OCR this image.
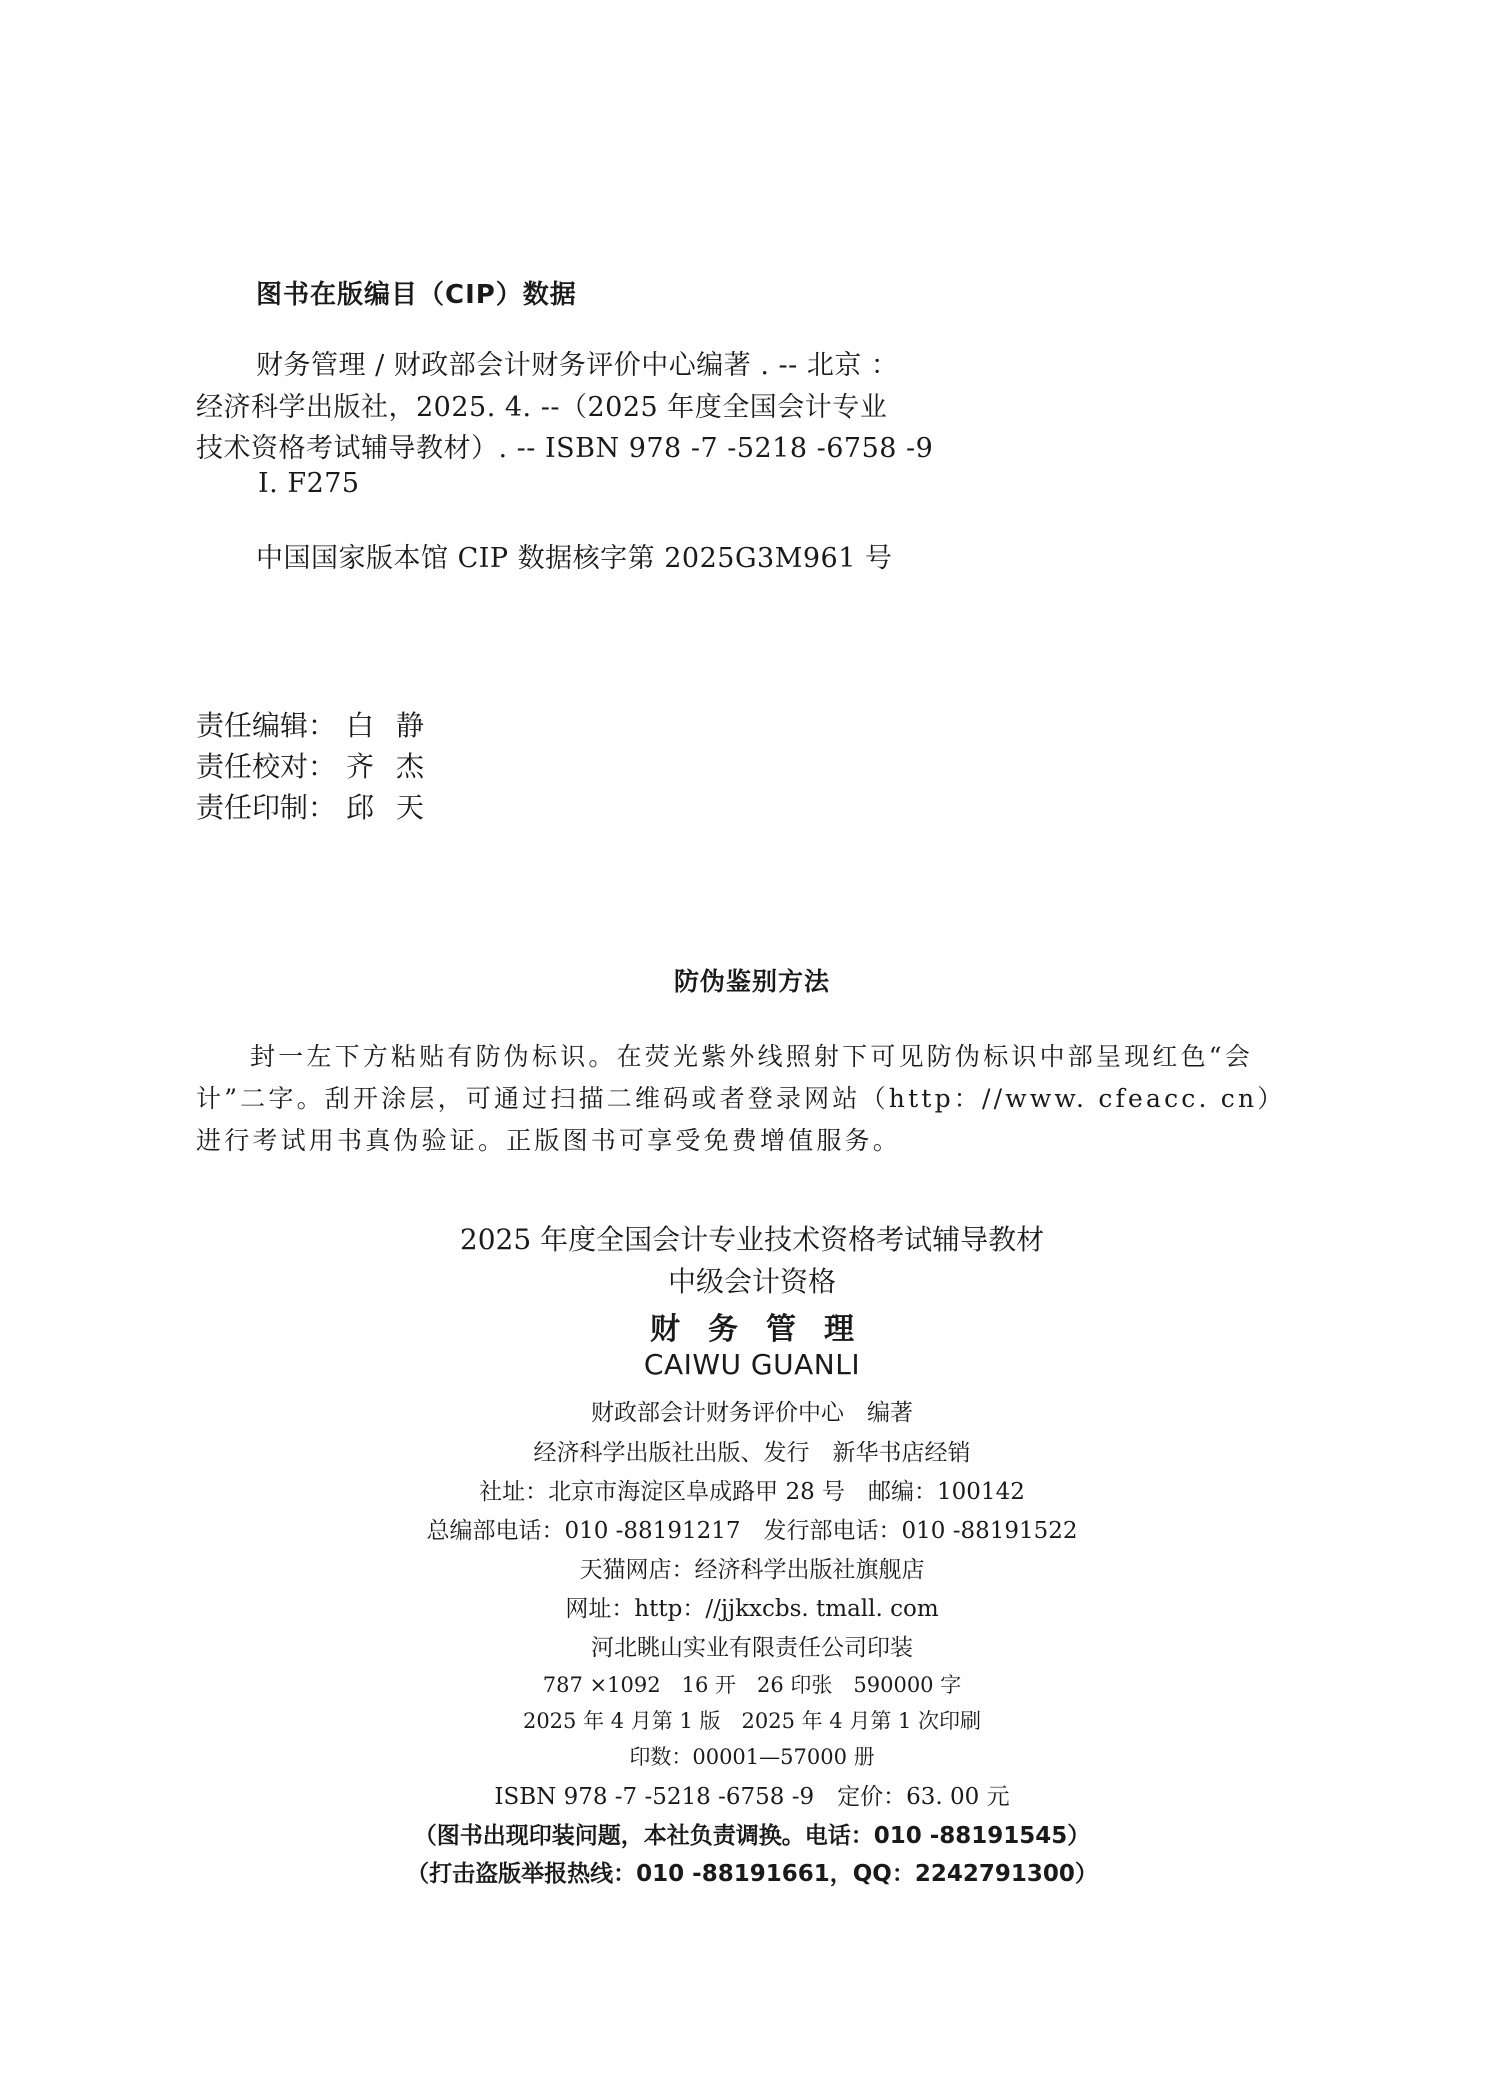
图书在版编目（CIP）数据
财务管理 / 财政部会计财务评价中心编著 . -- 北京 ：
经济科学出版社，2025. 4. --（2025 年度全国会计专业
技术资格考试辅导教材）. -- ISBN 978 -7 -5218 -6758 -9
Ⅰ. F275
中国国家版本馆 CIP 数据核字第 2025G3M961 号
责任编辑： 白静
责任校对： 齐杰
责任印制： 邱天
防伪鉴别方法
封一左下方粘贴有防伪标识。在荧光紫外线照射下可见防伪标识中部呈现红色“会计”二字。刮开涂层，可通过扫描二维码或者登录网站（http：//www. cfeacc. cn）进行考试用书真伪验证。正版图书可享受免费增值服务。
2025 年度全国会计专业技术资格考试辅导教材
中级会计资格
财务管理
CAIWU GUANLI
财政部会计财务评价中心　编著
经济科学出版社出版、发行　新华书店经销
社址：北京市海淀区阜成路甲 28 号　邮编：100142
总编部电话：010 -88191217　发行部电话：010 -88191522
天猫网店：经济科学出版社旗舰店
网址：http：//jjkxcbs. tmall. com
河北眺山实业有限责任公司印装
787 ×1092　16 开　26 印张　590000 字
2025 年 4 月第 1 版　2025 年 4 月第 1 次印刷
印数：00001—57000 册
ISBN 978 -7 -5218 -6758 -9　定价：63. 00 元
（图书出现印装问题，本社负责调换。电话：010 -88191545）
（打击盗版举报热线：010 -88191661，QQ：2242791300）
